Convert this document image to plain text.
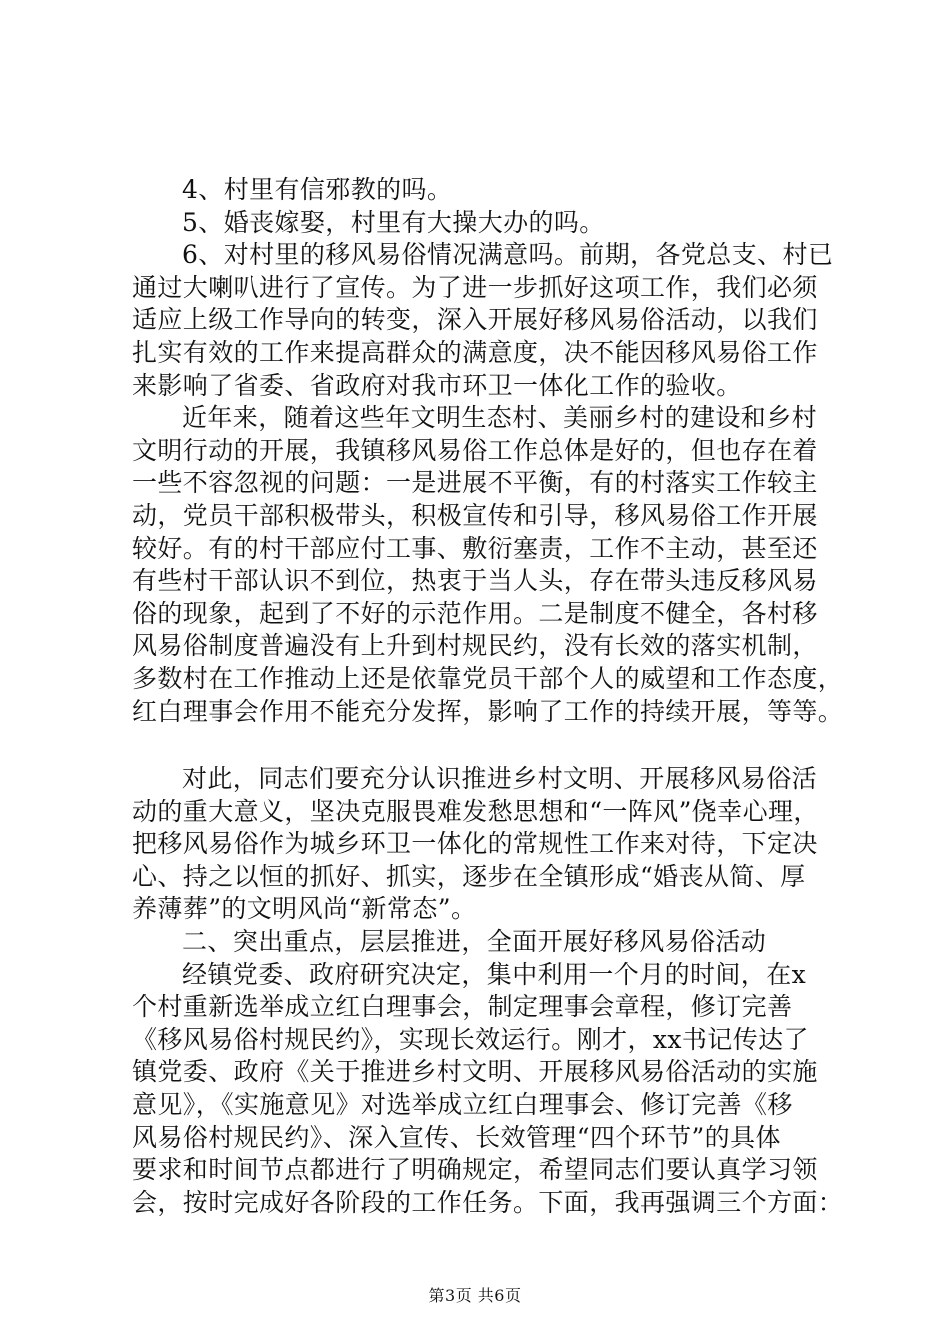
4、村里有信邪教的吗。
5、婚丧嫁娶，村里有大操大办的吗。
6、对村里的移风易俗情况满意吗。前期，各党总支、村已
通过大喇叭进行了宣传。为了进一步抓好这项工作，我们必须
适应上级工作导向的转变，深入开展好移风易俗活动，以我们
扎实有效的工作来提高群众的满意度，决不能因移风易俗工作
来影响了省委、省政府对我市环卫一体化工作的验收。
近年来，随着这些年文明生态村、美丽乡村的建设和乡村
文明行动的开展，我镇移风易俗工作总体是好的，但也存在着
一些不容忽视的问题：一是进展不平衡，有的村落实工作较主
动，党员干部积极带头，积极宣传和引导，移风易俗工作开展
较好。有的村干部应付工事、敷衍塞责，工作不主动，甚至还
有些村干部认识不到位，热衷于当人头，存在带头违反移风易
俗的现象，起到了不好的示范作用。二是制度不健全，各村移
风易俗制度普遍没有上升到村规民约，没有长效的落实机制，
多数村在工作推动上还是依靠党员干部个人的威望和工作态度，
红白理事会作用不能充分发挥，影响了工作的持续开展，等等。
对此，同志们要充分认识推进乡村文明、开展移风易俗活
动的重大意义，坚决克服畏难发愁思想和“一阵风”侥幸心理，
把移风易俗作为城乡环卫一体化的常规性工作来对待，下定决
心、持之以恒的抓好、抓实，逐步在全镇形成“婚丧从简、厚
养薄葬”的文明风尚“新常态”。
二、突出重点，层层推进，全面开展好移风易俗活动
经镇党委、政府研究决定，集中利用一个月的时间，在x
个村重新选举成立红白理事会，制定理事会章程，修订完善
《移风易俗村规民约》，实现长效运行。刚才，xx书记传达了
镇党委、政府《关于推进乡村文明、开展移风易俗活动的实施
意见》，《实施意见》对选举成立红白理事会、修订完善《移
风易俗村规民约》、深入宣传、长效管理“四个环节”的具体
要求和时间节点都进行了明确规定，希望同志们要认真学习领
会，按时完成好各阶段的工作任务。下面，我再强调三个方面：
第3页 共6页
